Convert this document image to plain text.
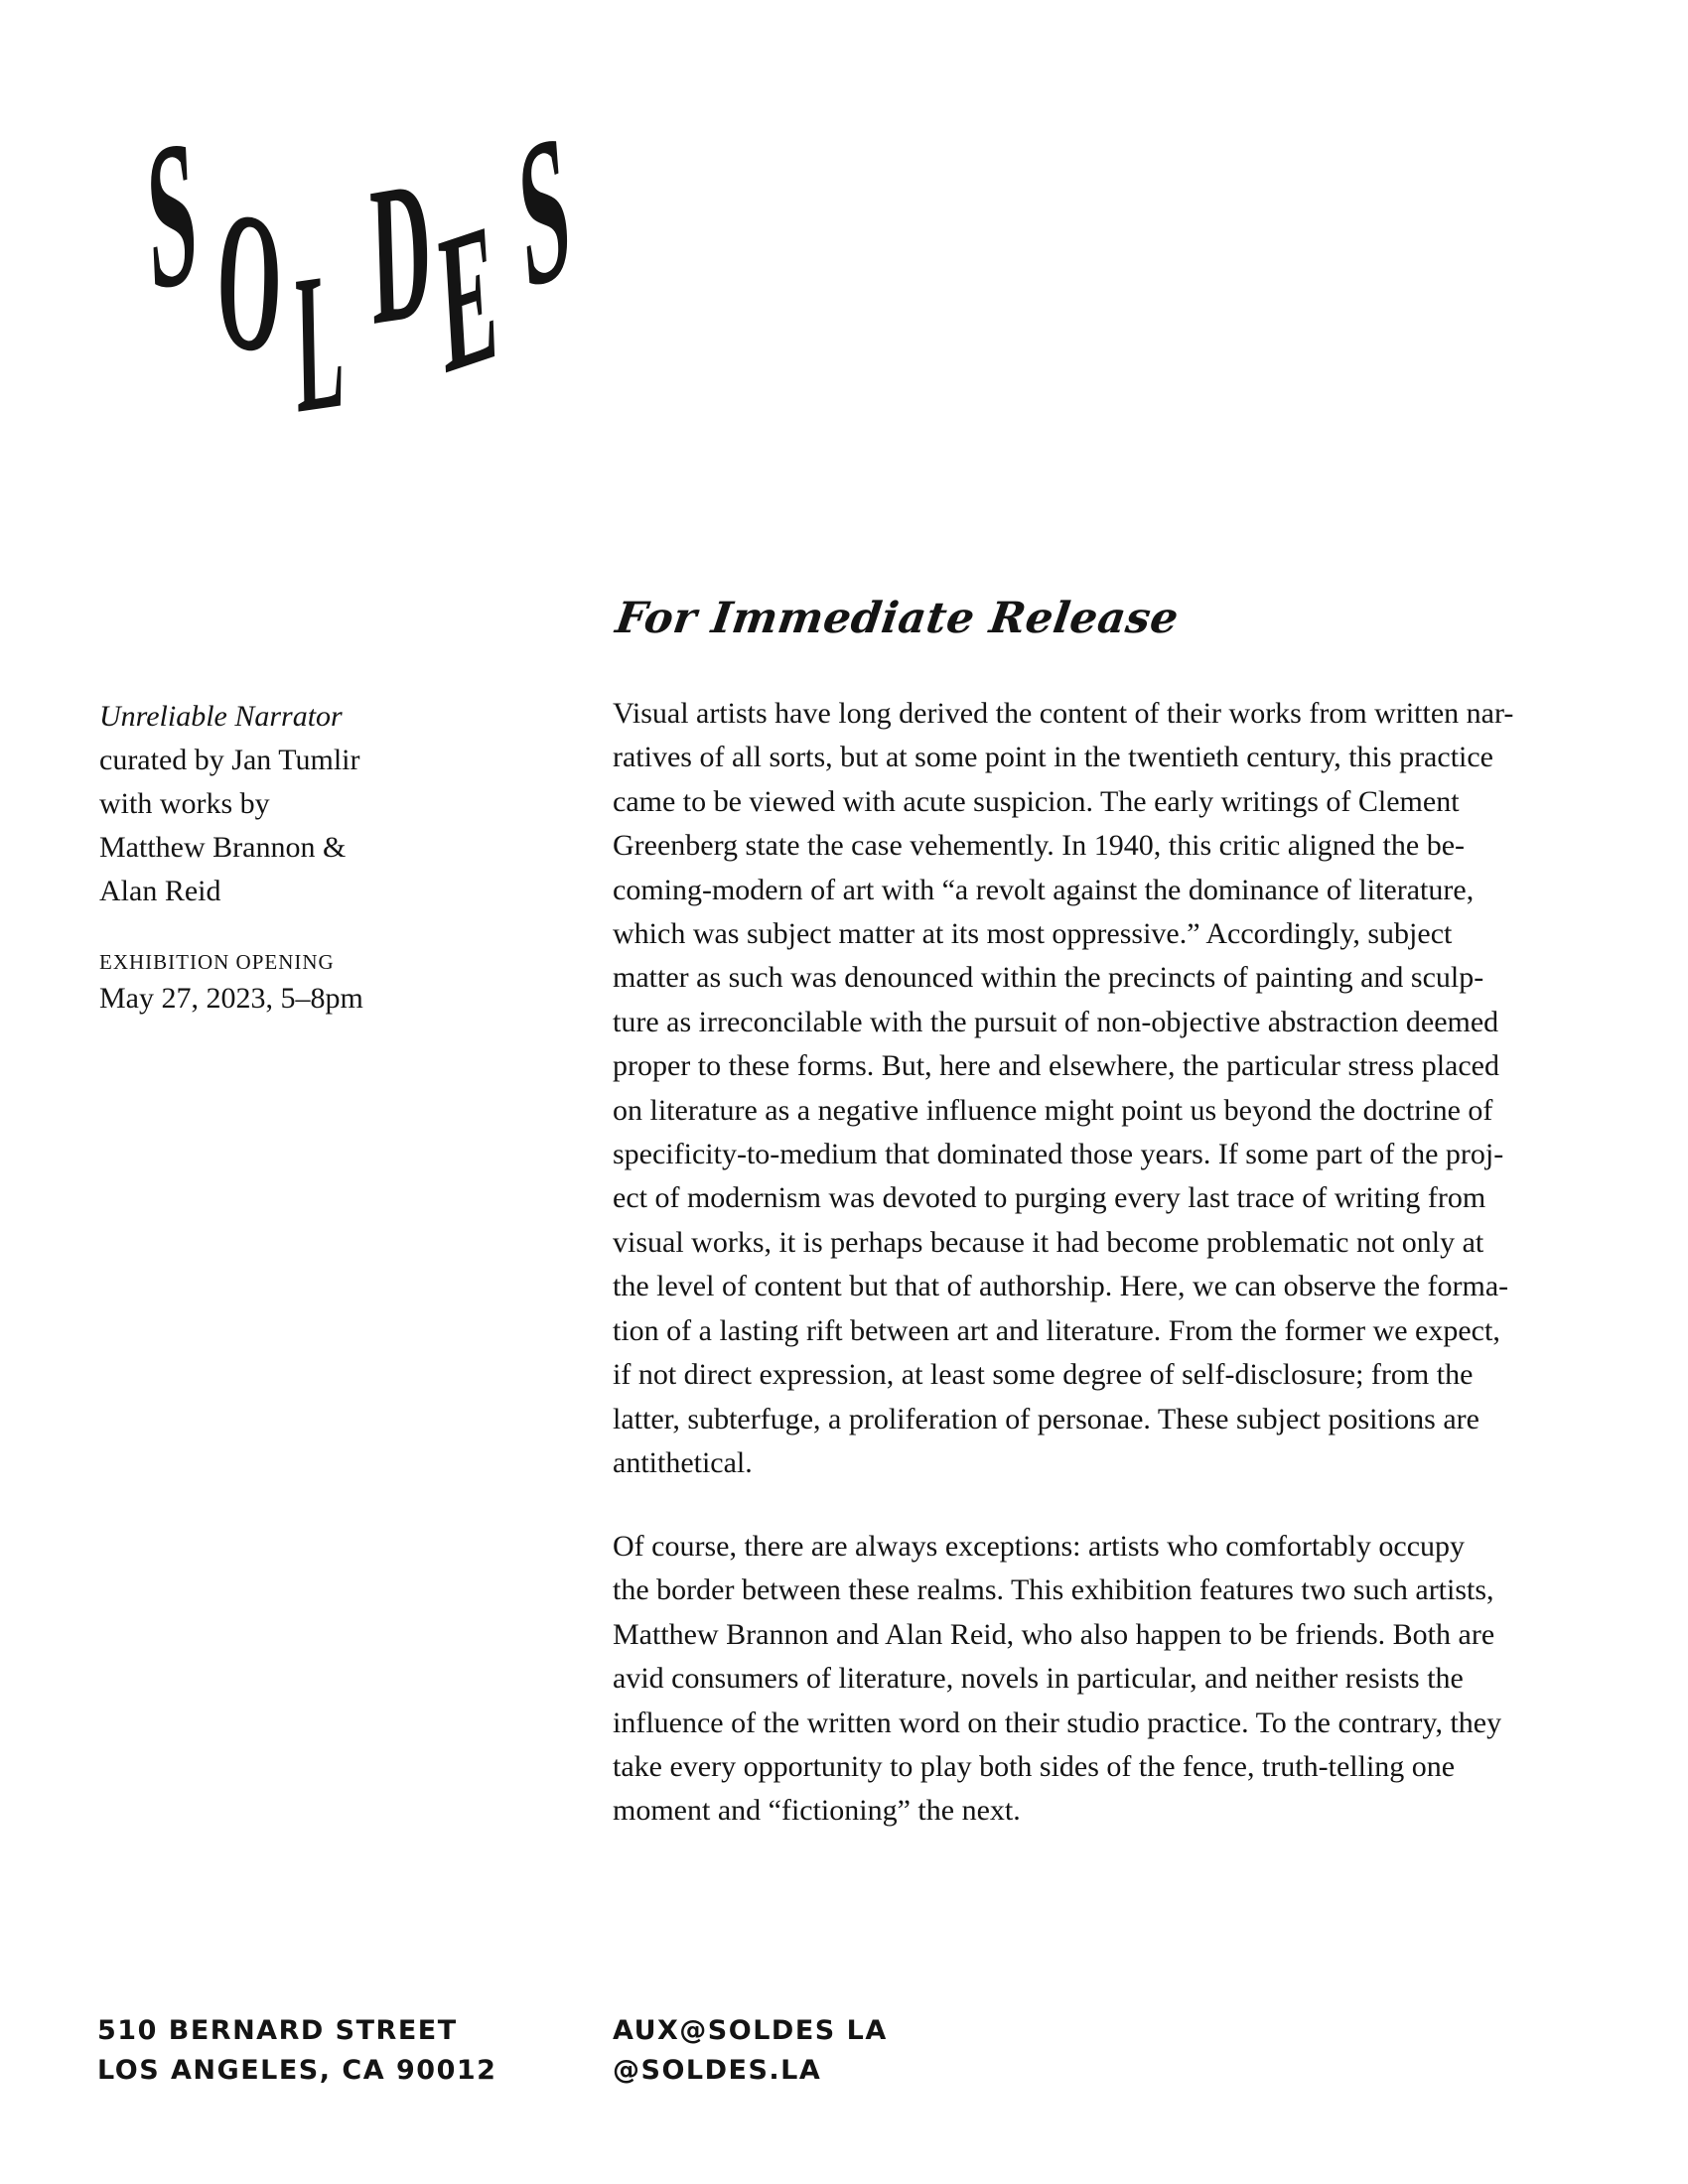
S O L D E S
For Immediate Release
Unreliable Narrator
curated by Jan Tumlir
with works by
Matthew Brannon &
Alan Reid
EXHIBITION OPENING
May 27, 2023, 5–8pm
Visual artists have long derived the content of their works from written nar-
ratives of all sorts, but at some point in the twentieth century, this practice
came to be viewed with acute suspicion. The early writings of Clement
Greenberg state the case vehemently. In 1940, this critic aligned the be-
coming-modern of art with “a revolt against the dominance of literature,
which was subject matter at its most oppressive.” Accordingly, subject
matter as such was denounced within the precincts of painting and sculp-
ture as irreconcilable with the pursuit of non-objective abstraction deemed
proper to these forms. But, here and elsewhere, the particular stress placed
on literature as a negative influence might point us beyond the doctrine of
specificity-to-medium that dominated those years. If some part of the proj-
ect of modernism was devoted to purging every last trace of writing from
visual works, it is perhaps because it had become problematic not only at
the level of content but that of authorship. Here, we can observe the forma-
tion of a lasting rift between art and literature. From the former we expect,
if not direct expression, at least some degree of self-disclosure; from the
latter, subterfuge, a proliferation of personae. These subject positions are
antithetical.
Of course, there are always exceptions: artists who comfortably occupy
the border between these realms. This exhibition features two such artists,
Matthew Brannon and Alan Reid, who also happen to be friends. Both are
avid consumers of literature, novels in particular, and neither resists the
influence of the written word on their studio practice. To the contrary, they
take every opportunity to play both sides of the fence, truth-telling one
moment and “fictioning” the next.
510 BERNARD STREET
LOS ANGELES, CA 90012
AUX@SOLDES LA
@SOLDES.LA
